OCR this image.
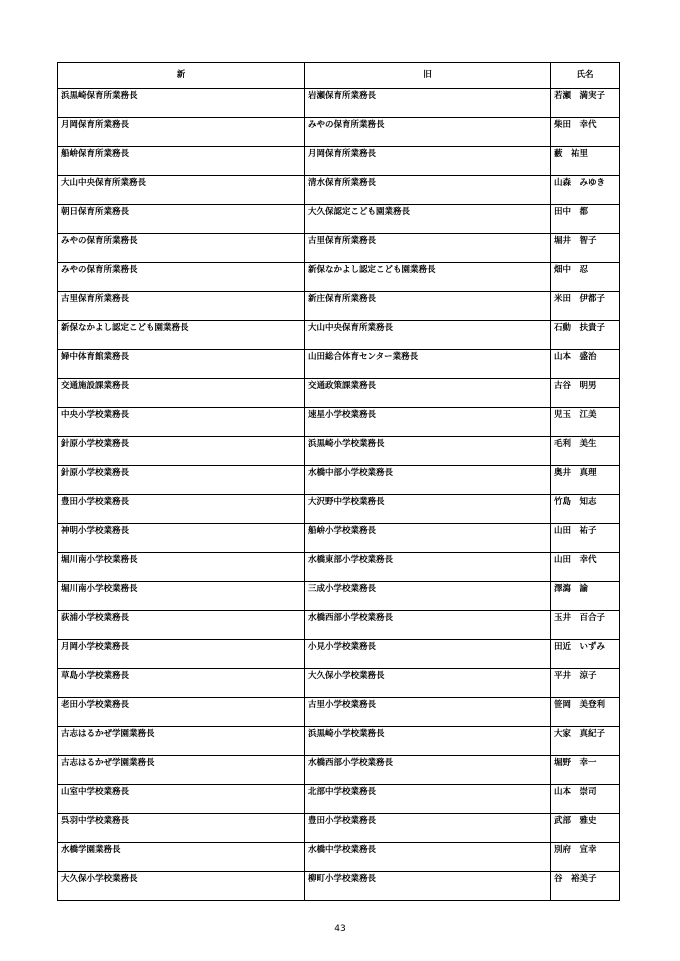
新	旧	氏名
浜黒崎保育所業務長	岩瀬保育所業務長	若瀬　満実子
月岡保育所業務長	みやの保育所業務長	柴田　幸代
船峅保育所業務長	月岡保育所業務長	藪　祐里
大山中央保育所業務長	清水保育所業務長	山森　みゆき
朝日保育所業務長	大久保認定こども園業務長	田中　都
みやの保育所業務長	古里保育所業務長	堀井　智子
みやの保育所業務長	新保なかよし認定こども園業務長	畑中　忍
古里保育所業務長	新庄保育所業務長	米田　伊都子
新保なかよし認定こども園業務長	大山中央保育所業務長	石動　扶貴子
婦中体育館業務長	山田総合体育センター業務長	山本　盛治
交通施設課業務長	交通政策課業務長	古谷　明男
中央小学校業務長	速星小学校業務長	児玉　江美
針原小学校業務長	浜黒崎小学校業務長	毛利　美生
針原小学校業務長	水橋中部小学校業務長	奥井　真理
豊田小学校業務長	大沢野中学校業務長	竹島　知志
神明小学校業務長	船峅小学校業務長	山田　祐子
堀川南小学校業務長	水橋東部小学校業務長	山田　幸代
堀川南小学校業務長	三成小学校業務長	澤瀉　諭
荻浦小学校業務長	水橋西部小学校業務長	玉井　百合子
月岡小学校業務長	小見小学校業務長	田近　いずみ
草島小学校業務長	大久保小学校業務長	平井　涼子
老田小学校業務長	古里小学校業務長	笹岡　美登利
古志はるかぜ学園業務長	浜黒崎小学校業務長	大家　真紀子
古志はるかぜ学園業務長	水橋西部小学校業務長	堀野　幸一
山室中学校業務長	北部中学校業務長	山本　崇司
呉羽中学校業務長	豊田小学校業務長	武部　雅史
水橋学園業務長	水橋中学校業務長	別府　宣幸
大久保小学校業務長	柳町小学校業務長	谷　裕美子
43
